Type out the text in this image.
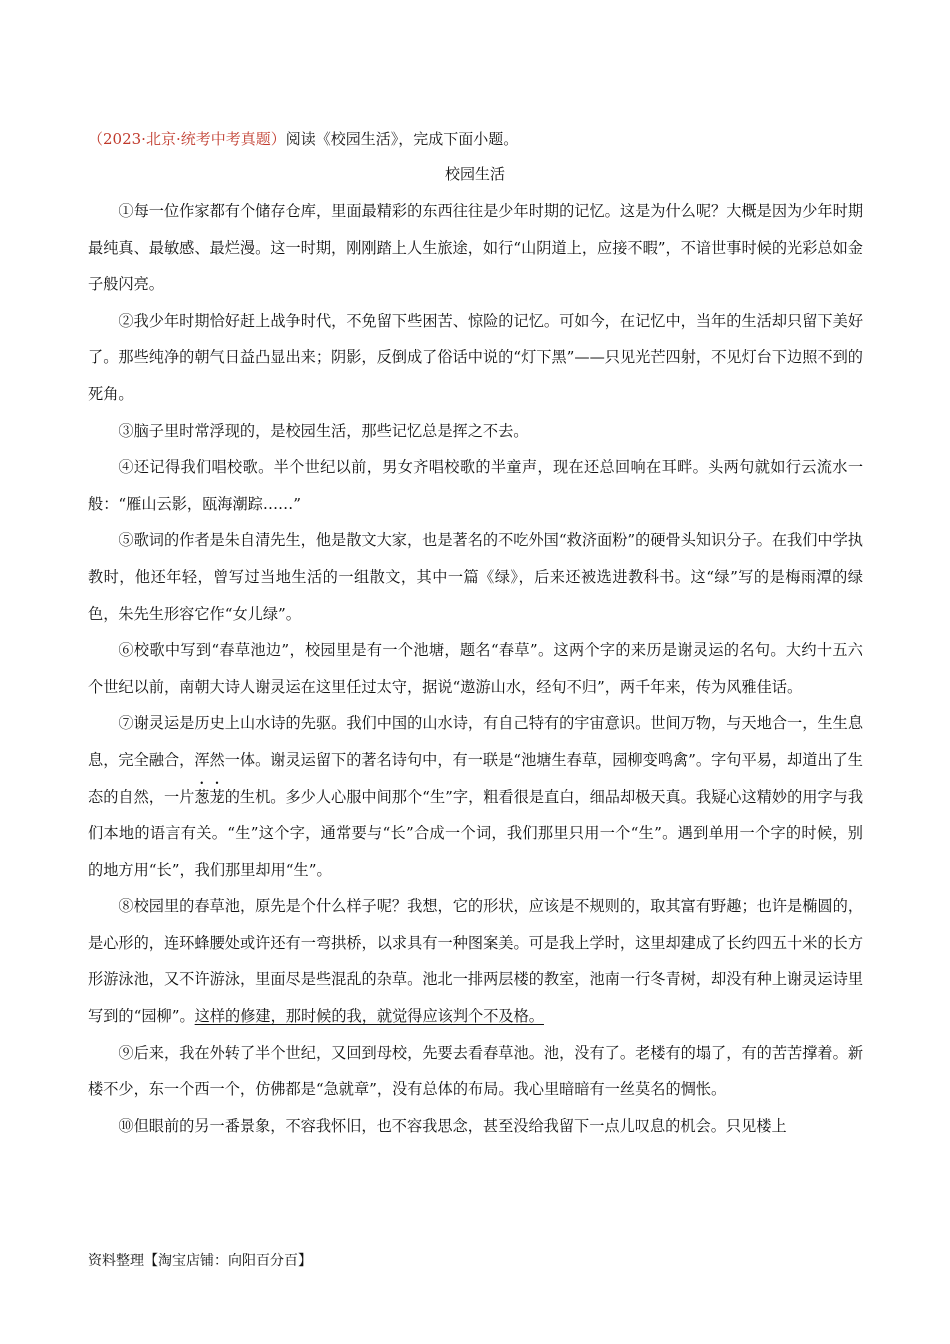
（2023·北京·统考中考真题）阅读《校园生活》，完成下面小题。
校园生活

①每一位作家都有个储存仓库，里面最精彩的东西往往是少年时期的记忆。这是为什么呢？大概是因为少年时期最纯真、最敏感、最烂漫。这一时期，刚刚踏上人生旅途，如行“山阴道上，应接不暇”，不谙世事时候的光彩总如金子般闪亮。

②我少年时期恰好赶上战争时代，不免留下些困苦、惊险的记忆。可如今，在记忆中，当年的生活却只留下美好了。那些纯净的朝气日益凸显出来；阴影，反倒成了俗话中说的“灯下黑”——只见光芒四射，不见灯台下边照不到的死角。

③脑子里时常浮现的，是校园生活，那些记忆总是挥之不去。

④还记得我们唱校歌。半个世纪以前，男女齐唱校歌的半童声，现在还总回响在耳畔。头两句就如行云流水一般：“雁山云影，瓯海潮踪……”

⑤歌词的作者是朱自清先生，他是散文大家，也是著名的不吃外国“救济面粉”的硬骨头知识分子。在我们中学执教时，他还年轻，曾写过当地生活的一组散文，其中一篇《绿》，后来还被选进教科书。这“绿”写的是梅雨潭的绿色，朱先生形容它作“女儿绿”。

⑥校歌中写到“春草池边”，校园里是有一个池塘，题名“春草”。这两个字的来历是谢灵运的名句。大约十五六个世纪以前，南朝大诗人谢灵运在这里任过太守，据说“遨游山水，经旬不归”，两千年来，传为风雅佳话。

⑦谢灵运是历史上山水诗的先驱。我们中国的山水诗，有自己特有的宇宙意识。世间万物，与天地合一，生生息息，完全融合，浑然一体。谢灵运留下的著名诗句中，有一联是“池塘生春草，园柳变鸣禽”。字句平易，却道出了生态的自然，一片葱茏的生机。多少人心服中间那个“生”字，粗看很是直白，细品却极天真。我疑心这精妙的用字与我们本地的语言有关。“生”这个字，通常要与“长”合成一个词，我们那里只用一个“生”。遇到单用一个字的时候，别的地方用“长”，我们那里却用“生”。

⑧校园里的春草池，原先是个什么样子呢？我想，它的形状，应该是不规则的，取其富有野趣；也许是椭圆的，是心形的，连环蜂腰处或许还有一弯拱桥，以求具有一种图案美。可是我上学时，这里却建成了长约四五十米的长方形游泳池，又不许游泳，里面尽是些混乱的杂草。池北一排两层楼的教室，池南一行冬青树，却没有种上谢灵运诗里写到的“园柳”。这样的修建，那时候的我，就觉得应该判个不及格。

⑨后来，我在外转了半个世纪，又回到母校，先要去看春草池。池，没有了。老楼有的塌了，有的苦苦撑着。新楼不少，东一个西一个，仿佛都是“急就章”，没有总体的布局。我心里暗暗有一丝莫名的惆怅。

⑩但眼前的另一番景象，不容我怀旧，也不容我思念，甚至没给我留下一点儿叹息的机会。只见楼上

资料整理【淘宝店铺：向阳百分百】
